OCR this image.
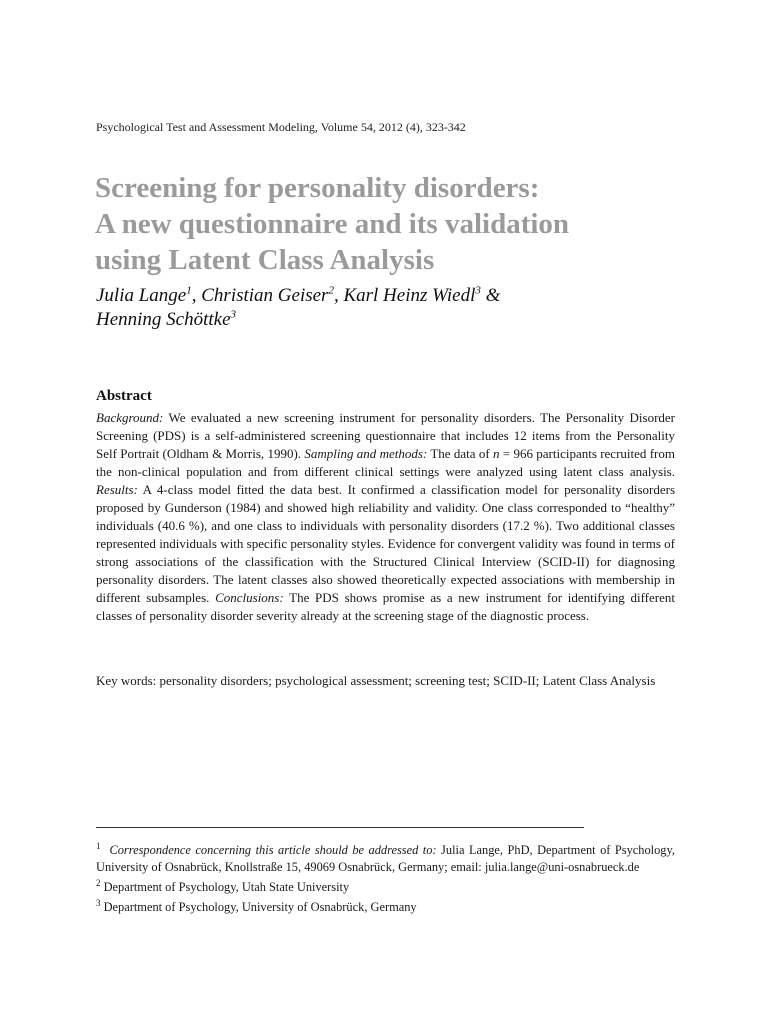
Psychological Test and Assessment Modeling, Volume 54, 2012 (4), 323-342
Screening for personality disorders:
A new questionnaire and its validation
using Latent Class Analysis
Julia Lange$^1$, Christian Geiser$^2$, Karl Heinz Wiedl$^3$ &
Henning Schöttke$^3$
Abstract

Background: We evaluated a new screening instrument for personality disorders. The Personality Disorder Screening (PDS) is a self-administered screening questionnaire that includes 12 items from the Personality Self Portrait (Oldham & Morris, 1990). Sampling and methods: The data of n = 966 participants recruited from the non-clinical population and from different clinical settings were analyzed using latent class analysis. Results: A 4-class model fitted the data best. It confirmed a classification model for personality disorders proposed by Gunderson (1984) and showed high reliability and validity. One class corresponded to “healthy” individuals (40.6 %), and one class to individuals with personality disorders (17.2 %). Two additional classes represented individuals with specific personality styles. Evidence for convergent validity was found in terms of strong associations of the classification with the Structured Clinical Interview (SCID-II) for diagnosing personality disorders. The latent classes also showed theoretically expected associations with membership in different subsamples. Conclusions: The PDS shows promise as a new instrument for identifying different classes of personality disorder severity already at the screening stage of the diagnostic process.

Key words: personality disorders; psychological assessment; screening test; SCID-II; Latent Class Analysis

$^1$ Correspondence concerning this article should be addressed to: Julia Lange, PhD, Department of Psychology, University of Osnabrück, Knollstraße 15, 49069 Osnabrück, Germany; email: julia.lange@uni-osnabrueck.de

$^2$ Department of Psychology, Utah State University

$^3$ Department of Psychology, University of Osnabrück, Germany
